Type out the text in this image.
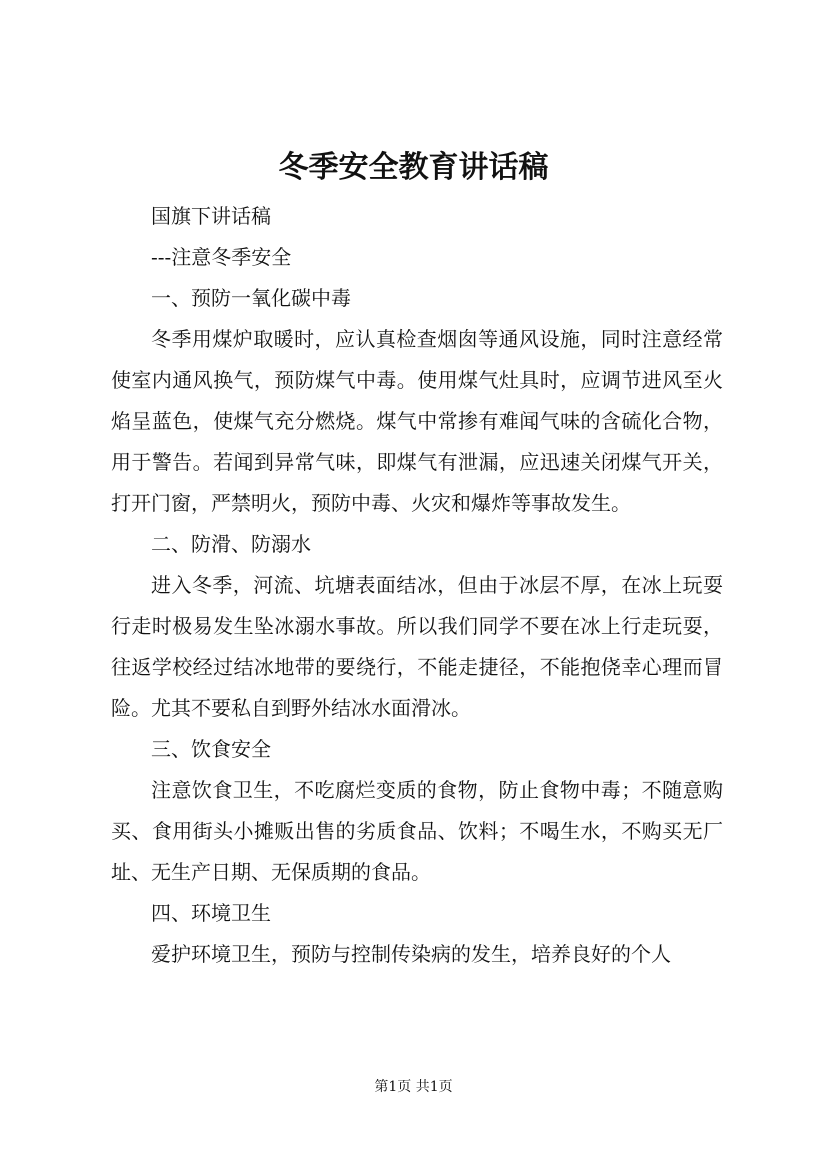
冬季安全教育讲话稿

国旗下讲话稿

---注意冬季安全

一、预防一氧化碳中毒

冬季用煤炉取暖时，应认真检查烟囱等通风设施，同时注意经常使室内通风换气，预防煤气中毒。使用煤气灶具时，应调节进风至火焰呈蓝色，使煤气充分燃烧。煤气中常掺有难闻气味的含硫化合物，用于警告。若闻到异常气味，即煤气有泄漏，应迅速关闭煤气开关，打开门窗，严禁明火，预防中毒、火灾和爆炸等事故发生。

二、防滑、防溺水

进入冬季，河流、坑塘表面结冰，但由于冰层不厚，在冰上玩耍行走时极易发生坠冰溺水事故。所以我们同学不要在冰上行走玩耍，往返学校经过结冰地带的要绕行，不能走捷径，不能抱侥幸心理而冒险。尤其不要私自到野外结冰水面滑冰。

三、饮食安全

注意饮食卫生，不吃腐烂变质的食物，防止食物中毒；不随意购买、食用街头小摊贩出售的劣质食品、饮料；不喝生水，不购买无厂址、无生产日期、无保质期的食品。

四、环境卫生

爱护环境卫生，预防与控制传染病的发生，培养良好的个人

第1页 共1页
